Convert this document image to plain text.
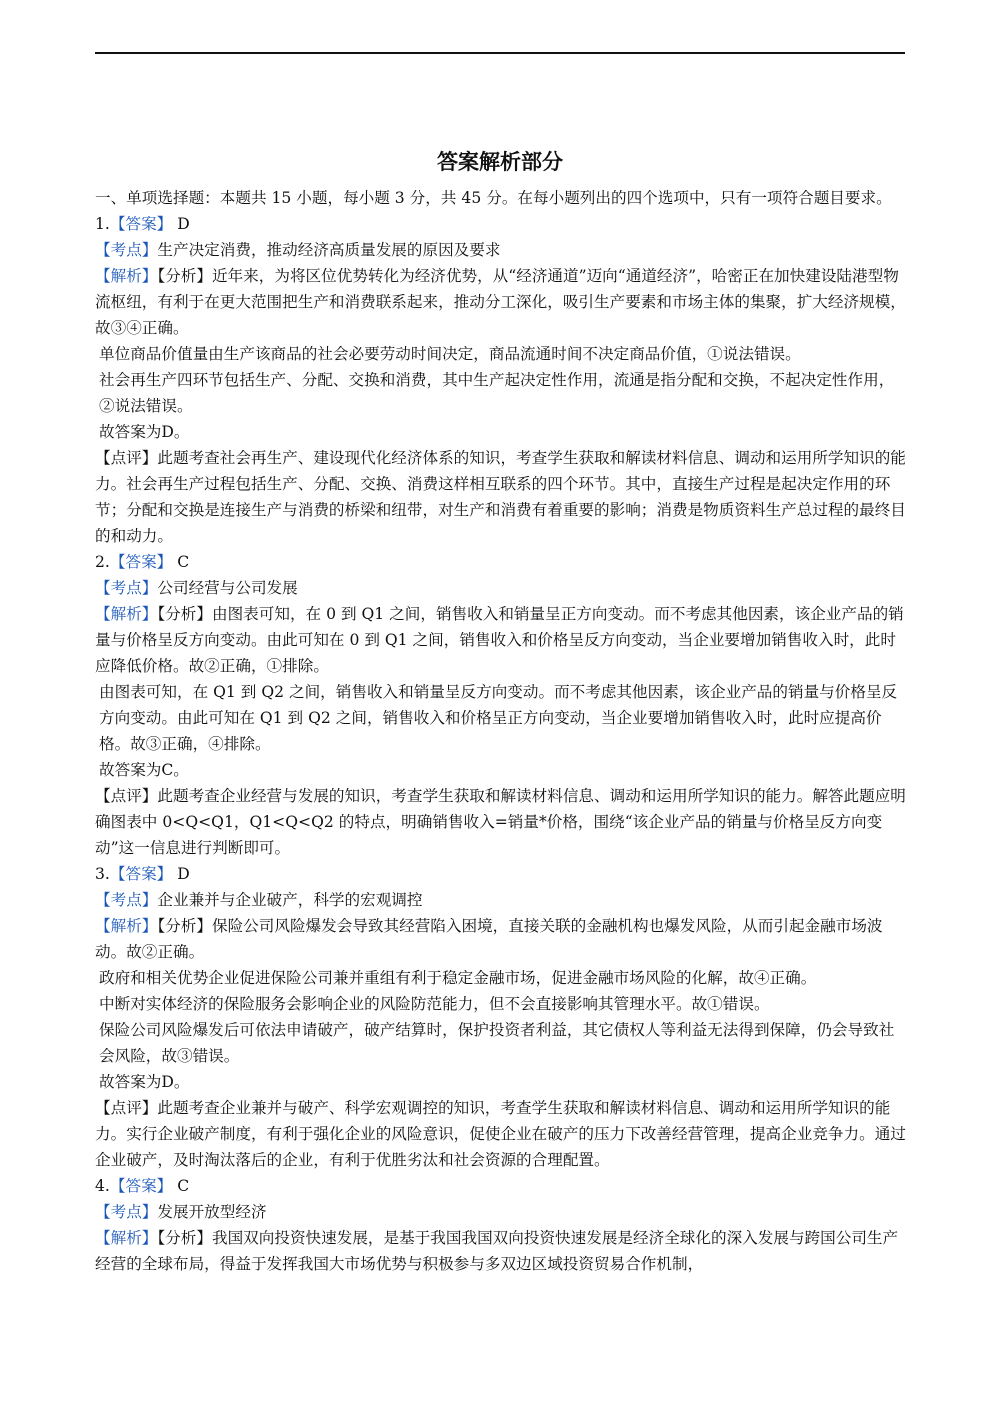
答案解析部分

一、单项选择题：本题共 15 小题，每小题 3 分，共 45 分。在每小题列出的四个选项中，只有一项符合题目要求。

1.【答案】 D

【考点】生产决定消费，推动经济高质量发展的原因及要求

【解析】【分析】近年来，为将区位优势转化为经济优势，从“经济通道”迈向“通道经济”，哈密正在加快建设陆港型物流枢纽，有利于在更大范围把生产和消费联系起来，推动分工深化，吸引生产要素和市场主体的集聚，扩大经济规模，故③④正确。

单位商品价值量由生产该商品的社会必要劳动时间决定，商品流通时间不决定商品价值，①说法错误。

社会再生产四环节包括生产、分配、交换和消费，其中生产起决定性作用，流通是指分配和交换，不起决定性作用，②说法错误。

故答案为D。

【点评】此题考查社会再生产、建设现代化经济体系的知识，考查学生获取和解读材料信息、调动和运用所学知识的能力。社会再生产过程包括生产、分配、交换、消费这样相互联系的四个环节。其中，直接生产过程是起决定作用的环节；分配和交换是连接生产与消费的桥梁和纽带，对生产和消费有着重要的影响；消费是物质资料生产总过程的最终目的和动力。

2.【答案】 C

【考点】公司经营与公司发展

【解析】【分析】由图表可知，在 0 到 Q1 之间，销售收入和销量呈正方向变动。而不考虑其他因素，该企业产品的销量与价格呈反方向变动。由此可知在 0 到 Q1 之间，销售收入和价格呈反方向变动，当企业要增加销售收入时，此时应降低价格。故②正确，①排除。

由图表可知，在 Q1 到 Q2 之间，销售收入和销量呈反方向变动。而不考虑其他因素，该企业产品的销量与价格呈反方向变动。由此可知在 Q1 到 Q2 之间，销售收入和价格呈正方向变动，当企业要增加销售收入时，此时应提高价格。故③正确，④排除。

故答案为C。

【点评】此题考查企业经营与发展的知识，考查学生获取和解读材料信息、调动和运用所学知识的能力。解答此题应明确图表中 0<Q<Q1，Q1<Q<Q2 的特点，明确销售收入=销量*价格，围绕“该企业产品的销量与价格呈反方向变动”这一信息进行判断即可。

3.【答案】 D

【考点】企业兼并与企业破产，科学的宏观调控

【解析】【分析】保险公司风险爆发会导致其经营陷入困境，直接关联的金融机构也爆发风险，从而引起金融市场波动。故②正确。

政府和相关优势企业促进保险公司兼并重组有利于稳定金融市场，促进金融市场风险的化解，故④正确。

中断对实体经济的保险服务会影响企业的风险防范能力，但不会直接影响其管理水平。故①错误。

保险公司风险爆发后可依法申请破产，破产结算时，保护投资者利益，其它债权人等利益无法得到保障，仍会导致社会风险，故③错误。

故答案为D。

【点评】此题考查企业兼并与破产、科学宏观调控的知识，考查学生获取和解读材料信息、调动和运用所学知识的能力。实行企业破产制度，有利于强化企业的风险意识，促使企业在破产的压力下改善经营管理，提高企业竞争力。通过企业破产，及时淘汰落后的企业，有利于优胜劣汰和社会资源的合理配置。

4.【答案】 C

【考点】发展开放型经济

【解析】【分析】我国双向投资快速发展，是基于我国我国双向投资快速发展是经济全球化的深入发展与跨国公司生产经营的全球布局，得益于发挥我国大市场优势与积极参与多双边区域投资贸易合作机制，
